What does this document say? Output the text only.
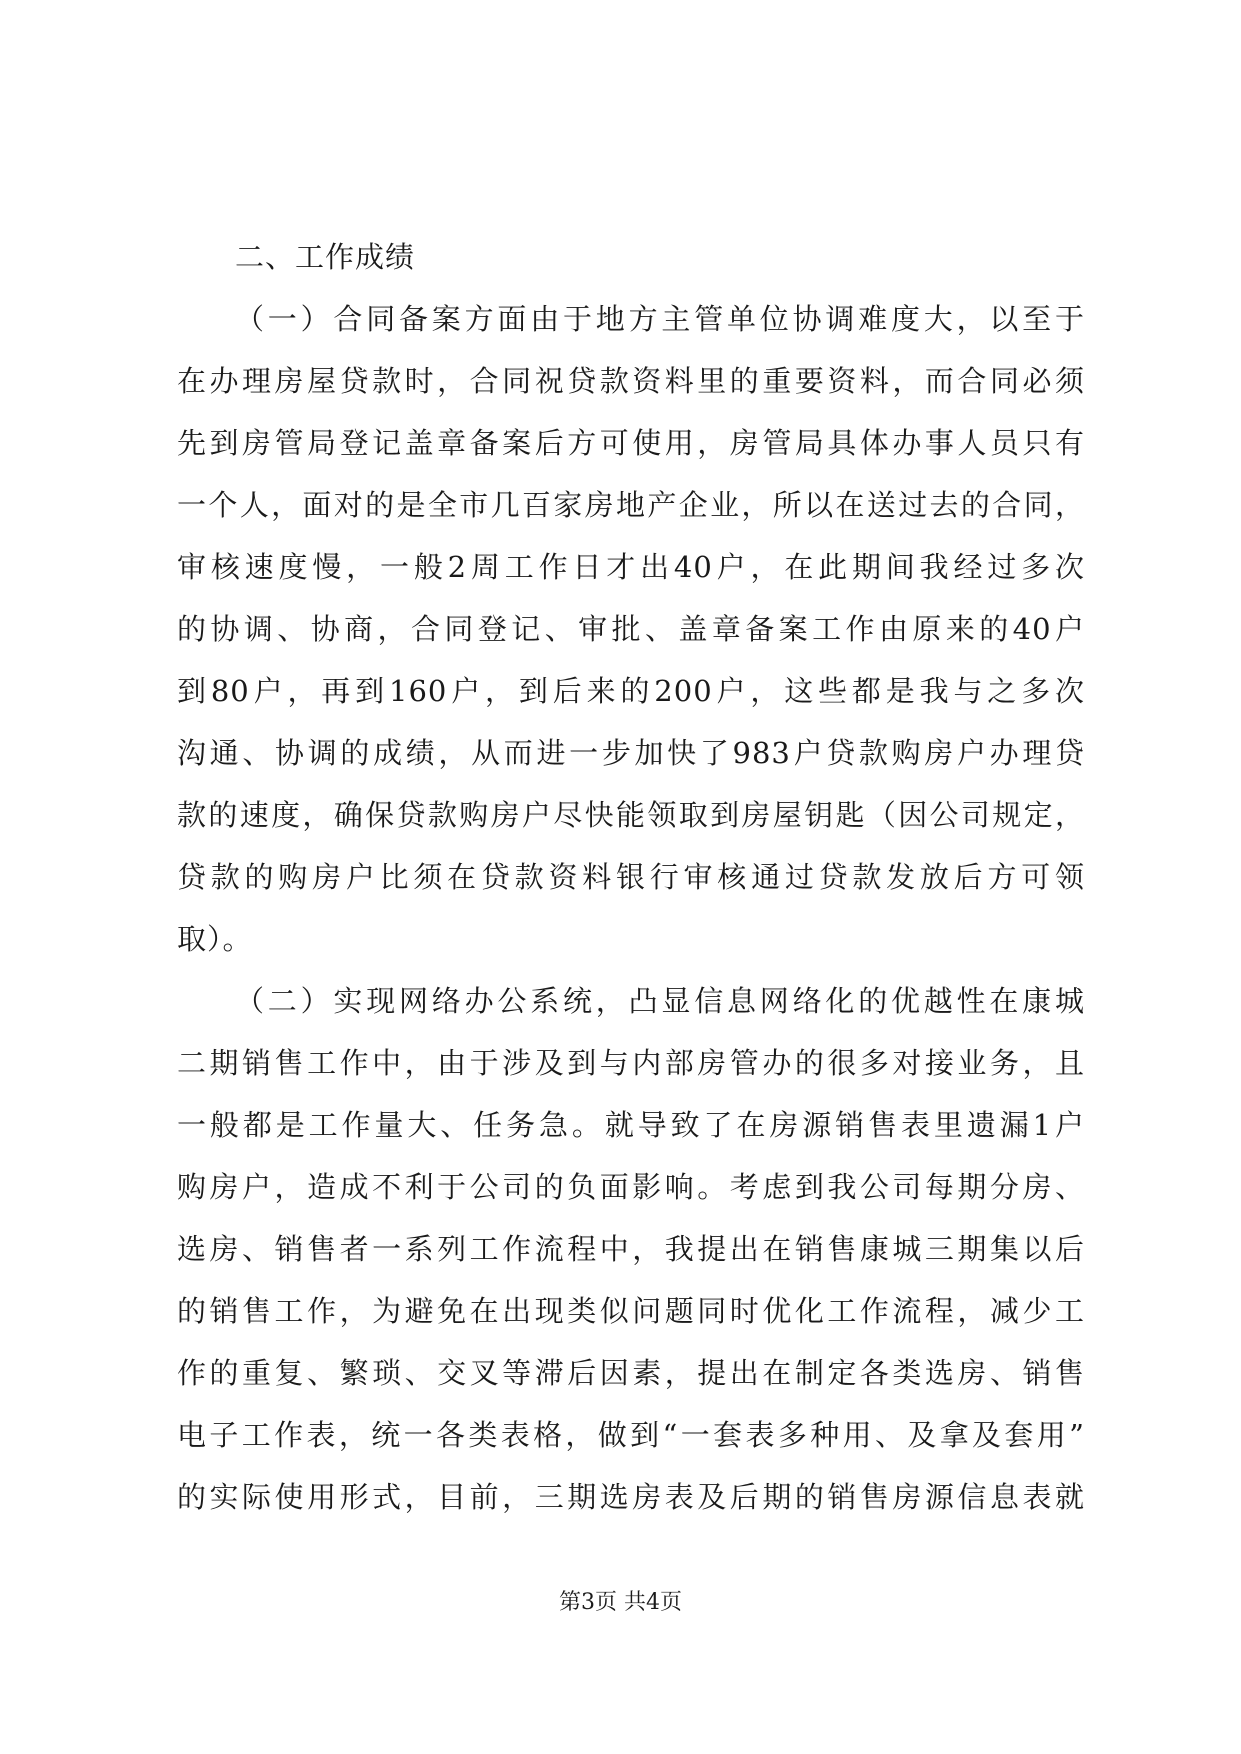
二、工作成绩
（一）合同备案方面由于地方主管单位协调难度大，以至于
在办理房屋贷款时，合同祝贷款资料里的重要资料，而合同必须
先到房管局登记盖章备案后方可使用，房管局具体办事人员只有
一个人，面对的是全市几百家房地产企业，所以在送过去的合同，
审核速度慢，一般2周工作日才出40户，在此期间我经过多次
的协调、协商，合同登记、审批、盖章备案工作由原来的40户
到80户，再到160户，到后来的200户，这些都是我与之多次
沟通、协调的成绩，从而进一步加快了983户贷款购房户办理贷
款的速度，确保贷款购房户尽快能领取到房屋钥匙（因公司规定，
贷款的购房户比须在贷款资料银行审核通过贷款发放后方可领
取）。
（二）实现网络办公系统，凸显信息网络化的优越性在康城
二期销售工作中，由于涉及到与内部房管办的很多对接业务，且
一般都是工作量大、任务急。就导致了在房源销售表里遗漏1户
购房户，造成不利于公司的负面影响。考虑到我公司每期分房、
选房、销售者一系列工作流程中，我提出在销售康城三期集以后
的销售工作，为避免在出现类似问题同时优化工作流程，减少工
作的重复、繁琐、交叉等滞后因素，提出在制定各类选房、销售
电子工作表，统一各类表格，做到“一套表多种用、及拿及套用”
的实际使用形式，目前，三期选房表及后期的销售房源信息表就
第3页 共4页
